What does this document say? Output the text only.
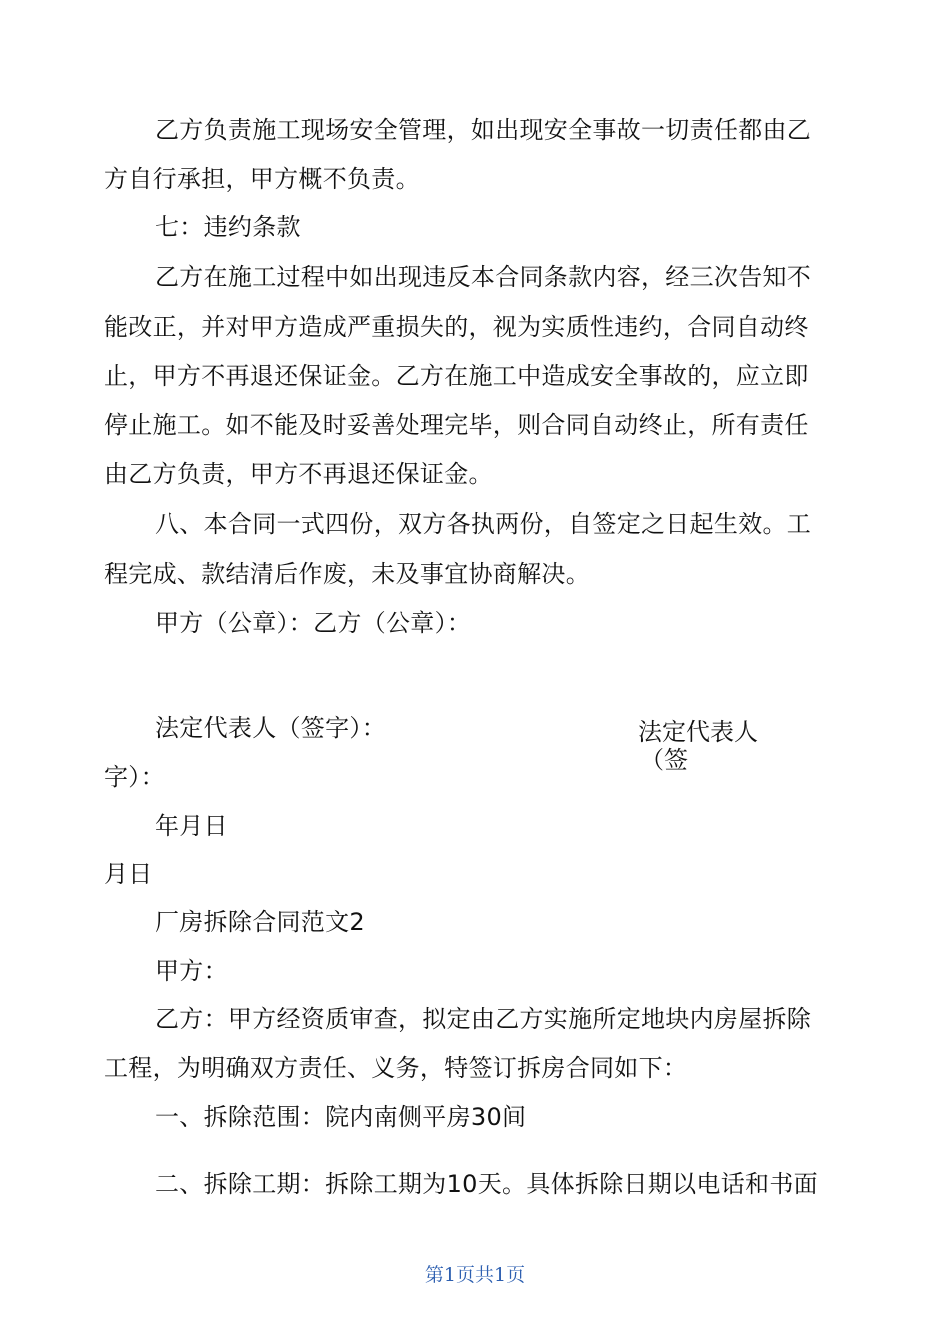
乙方负责施工现场安全管理，如出现安全事故一切责任都由乙
方自行承担，甲方概不负责。
七：违约条款
乙方在施工过程中如出现违反本合同条款内容，经三次告知不
能改正，并对甲方造成严重损失的，视为实质性违约，合同自动终
止，甲方不再退还保证金。乙方在施工中造成安全事故的，应立即
停止施工。如不能及时妥善处理完毕，则合同自动终止，所有责任
由乙方负责，甲方不再退还保证金。
八、本合同一式四份，双方各执两份，自签定之日起生效。工
程完成、款结清后作废，未及事宜协商解决。
甲方（公章）：乙方（公章）：
法定代表人（签字）：	法定代表人
（签
字）：
年月日
月日
厂房拆除合同范文2
甲方：
乙方：甲方经资质审查，拟定由乙方实施所定地块内房屋拆除
工程，为明确双方责任、义务，特签订拆房合同如下：
一、拆除范围：院内南侧平房30间
二、拆除工期：拆除工期为10天。具体拆除日期以电话和书面
第1页共1页
